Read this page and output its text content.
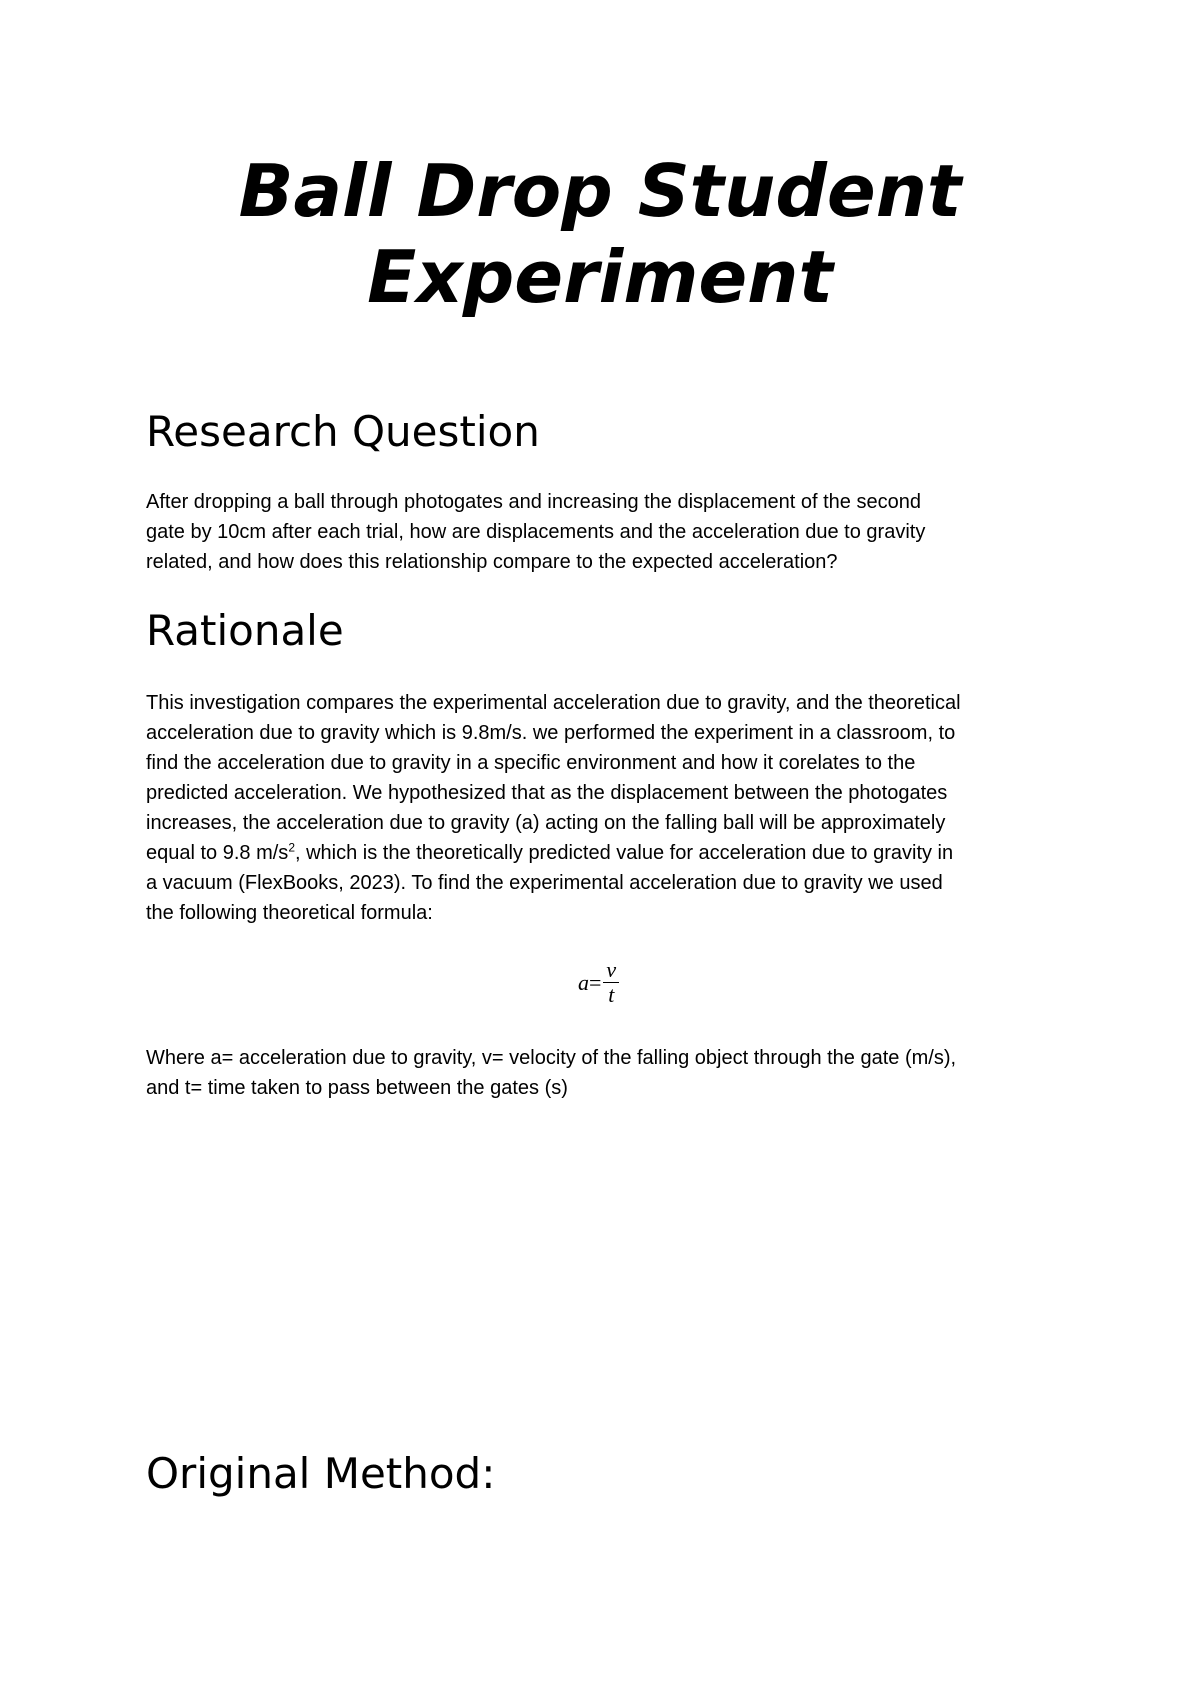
Ball Drop Student
Experiment
Research Question

After dropping a ball through photogates and increasing the displacement of the second
gate by 10cm after each trial, how are displacements and the acceleration due to gravity
related, and how does this relationship compare to the expected acceleration?

Rationale

This investigation compares the experimental acceleration due to gravity, and the theoretical
acceleration due to gravity which is 9.8m/s. we performed the experiment in a classroom, to
find the acceleration due to gravity in a specific environment and how it corelates to the
predicted acceleration. We hypothesized that as the displacement between the photogates
increases, the acceleration due to gravity (a) acting on the falling ball will be approximately
equal to 9.8 $m/s^2$, which is the theoretically predicted value for acceleration due to gravity in
a vacuum (FlexBooks, 2023). To find the experimental acceleration due to gravity we used
the following theoretical formula:

$a = \frac{v}{t}$

Where a= acceleration due to gravity, v= velocity of the falling object through the gate (m/s),
and t= time taken to pass between the gates (s)

Original Method:
